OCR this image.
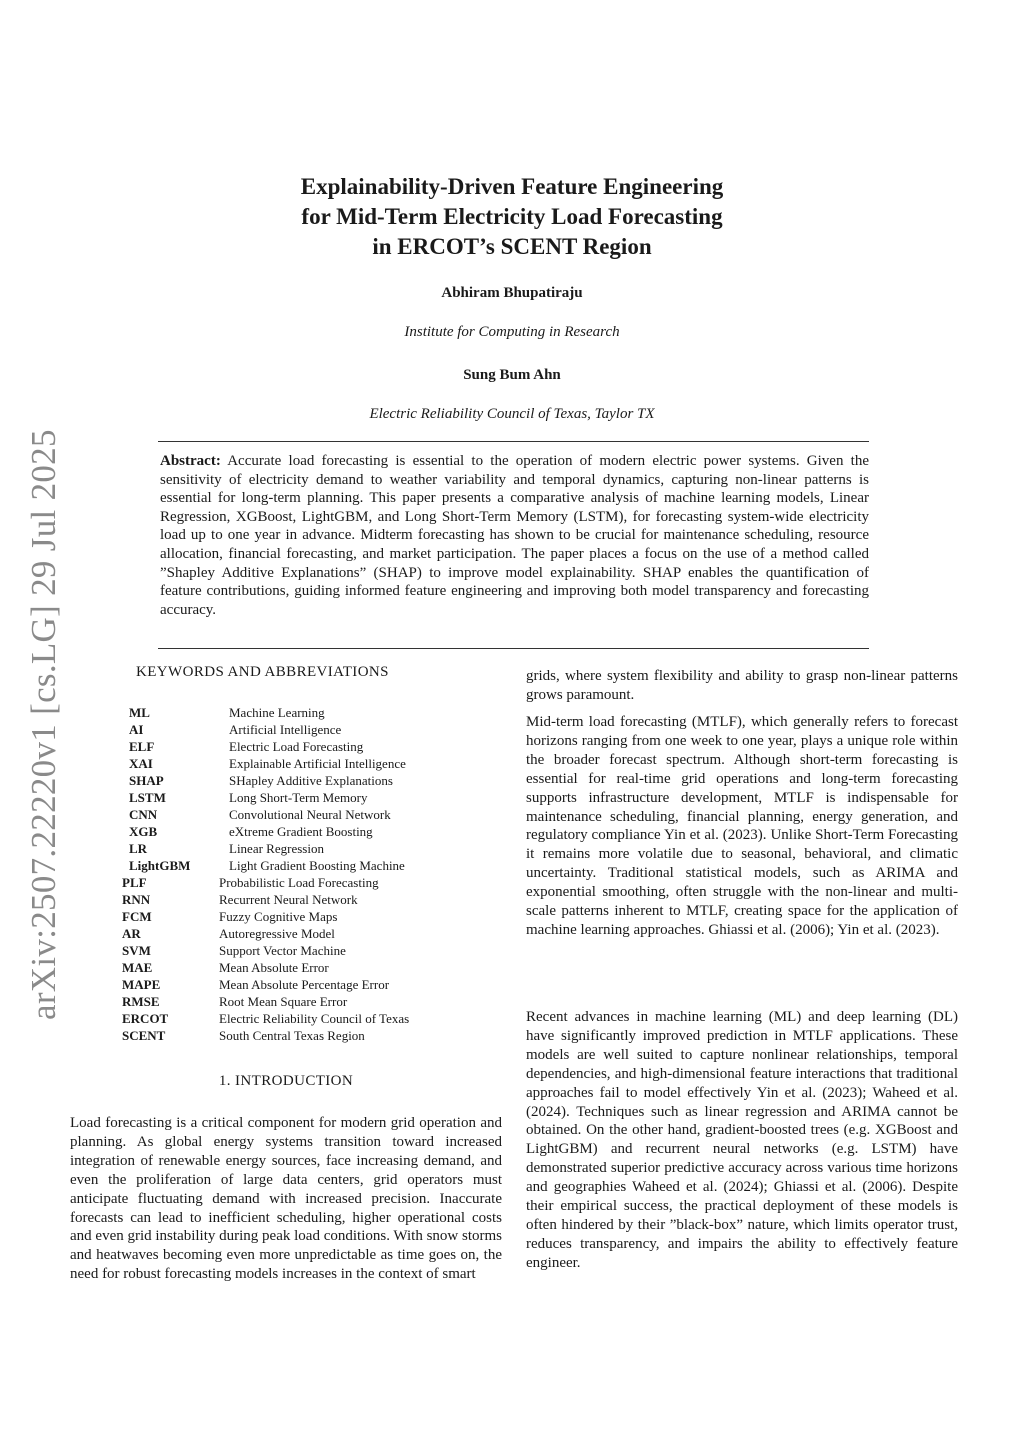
arXiv:2507.22220v1 [cs.LG] 29 Jul 2025
Explainability-Driven Feature Engineering
for Mid-Term Electricity Load Forecasting
in ERCOT’s SCENT Region
Abhiram Bhupatiraju
Institute for Computing in Research
Sung Bum Ahn
Electric Reliability Council of Texas, Taylor TX
Abstract: Accurate load forecasting is essential to the operation of modern electric power systems. Given the sensitivity of electricity demand to weather variability and temporal dynamics, capturing non-linear patterns is essential for long-term planning. This paper presents a comparative analysis of machine learning models, Linear Regression, XGBoost, LightGBM, and Long Short-Term Memory (LSTM), for forecasting system-wide electricity load up to one year in advance. Midterm forecasting has shown to be crucial for maintenance scheduling, resource allocation, financial forecasting, and market participation. The paper places a focus on the use of a method called ”Shapley Additive Explanations” (SHAP) to improve model explainability. SHAP enables the quantification of feature contributions, guiding informed feature engineering and improving both model transparency and forecasting accuracy.
KEYWORDS AND ABBREVIATIONS
ML	Machine Learning
AI	Artificial Intelligence
ELF	Electric Load Forecasting
XAI	Explainable Artificial Intelligence
SHAP	SHapley Additive Explanations
LSTM	Long Short-Term Memory
CNN	Convolutional Neural Network
XGB	eXtreme Gradient Boosting
LR	Linear Regression
LightGBM	Light Gradient Boosting Machine
PLF	Probabilistic Load Forecasting
RNN	Recurrent Neural Network
FCM	Fuzzy Cognitive Maps
AR	Autoregressive Model
SVM	Support Vector Machine
MAE	Mean Absolute Error
MAPE	Mean Absolute Percentage Error
RMSE	Root Mean Square Error
ERCOT	Electric Reliability Council of Texas
SCENT	South Central Texas Region
1. INTRODUCTION
Load forecasting is a critical component for modern grid operation and planning. As global energy systems transition toward increased integration of renewable energy sources, face increasing demand, and even the proliferation of large data centers, grid operators must anticipate fluctuating demand with increased precision. Inaccurate forecasts can lead to inefficient scheduling, higher operational costs and even grid instability during peak load conditions. With snow storms and heatwaves becoming even more unpredictable as time goes on, the need for robust forecasting models increases in the context of smart
grids, where system flexibility and ability to grasp non-linear patterns grows paramount.
Mid-term load forecasting (MTLF), which generally refers to forecast horizons ranging from one week to one year, plays a unique role within the broader forecast spectrum. Although short-term forecasting is essential for real-time grid operations and long-term forecasting supports infrastructure development, MTLF is indispensable for maintenance scheduling, financial planning, energy generation, and regulatory compliance Yin et al. (2023). Unlike Short-Term Forecasting it remains more volatile due to seasonal, behavioral, and climatic uncertainty. Traditional statistical models, such as ARIMA and exponential smoothing, often struggle with the non-linear and multi-scale patterns inherent to MTLF, creating space for the application of machine learning approaches. Ghiassi et al. (2006); Yin et al. (2023).
Recent advances in machine learning (ML) and deep learning (DL) have significantly improved prediction in MTLF applications. These models are well suited to capture nonlinear relationships, temporal dependencies, and high-dimensional feature interactions that traditional approaches fail to model effectively Yin et al. (2023); Waheed et al. (2024). Techniques such as linear regression and ARIMA cannot be obtained. On the other hand, gradient-boosted trees (e.g. XGBoost and LightGBM) and recurrent neural networks (e.g. LSTM) have demonstrated superior predictive accuracy across various time horizons and geographies Waheed et al. (2024); Ghiassi et al. (2006). Despite their empirical success, the practical deployment of these models is often hindered by their ”black-box” nature, which limits operator trust, reduces transparency, and impairs the ability to effectively feature engineer.
